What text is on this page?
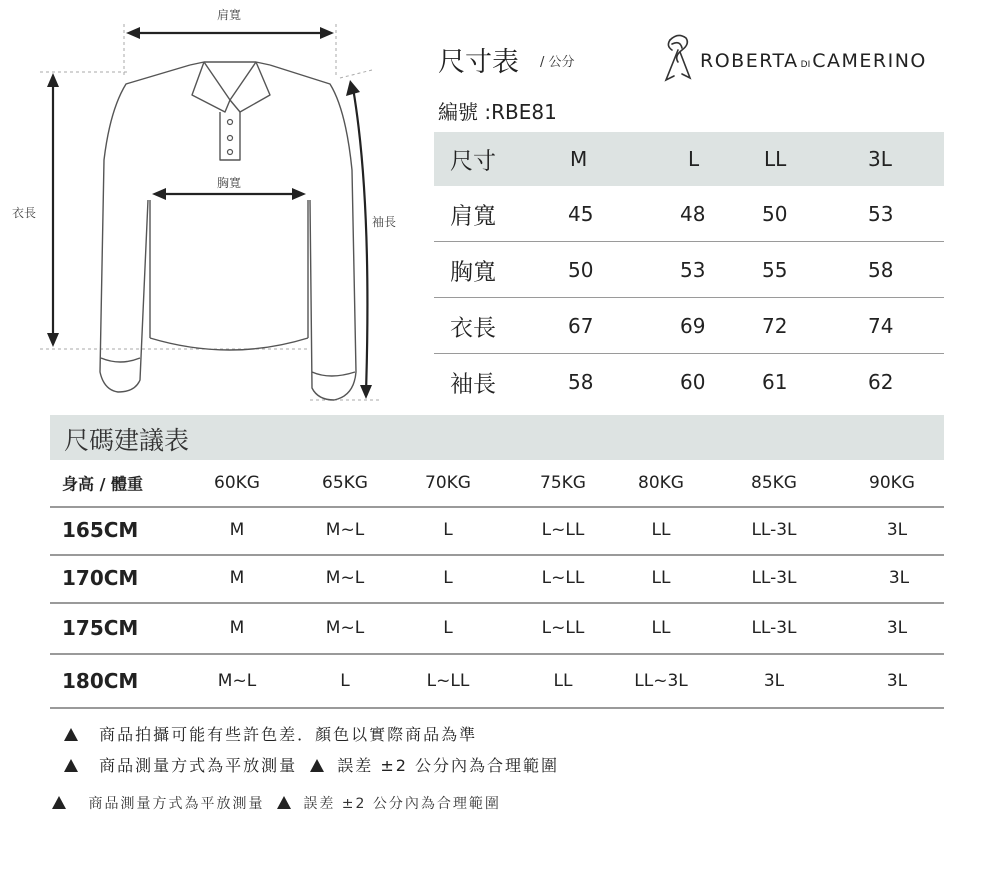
肩寬
胸寬
衣長
袖長
尺寸表 / 公分
編號 :RBE81
ROBERTA DI CAMERINO
尺寸	M	L	LL	3L
肩寬	45	48	50	53
胸寬	50	53	55	58
衣長	67	69	72	74
袖長	58	60	61	62
尺碼建議表
身高 / 體重	60KG	65KG	70KG	75KG	80KG	85KG	90KG
165CM	M	M~L	L	L~LL	LL	LL-3L	3L
170CM	M	M~L	L	L~LL	LL	LL-3L	3L
175CM	M	M~L	L	L~LL	LL	LL-3L	3L
180CM	M~L	L	L~LL	LL	LL~3L	3L	3L
商品拍攝可能有些許色差．顏色以實際商品為準
商品測量方式為平放測量	誤差 ±2 公分內為合理範圍
商品測量方式為平放測量	誤差 ±2 公分內為合理範圍
